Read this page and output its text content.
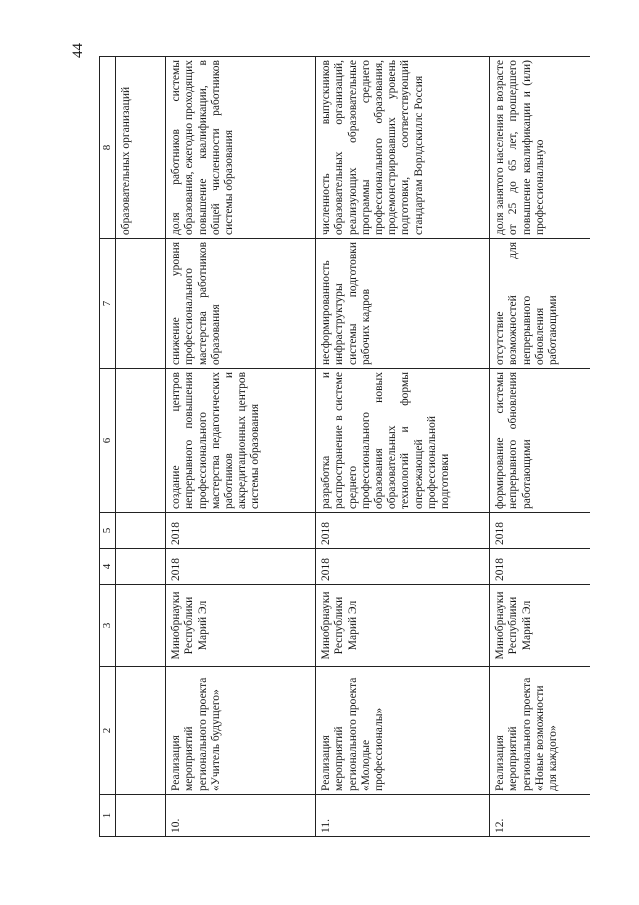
44
1	2	3	4	5	6	7	8
							образовательных организаций
10.	Реализация мероприятий регионального проекта «Учитель будущего»	Минобрнауки Республики Марий Эл	2018	2018	создание центров непрерывного повышения профессионального мастерства педагогических работников и аккредитационных центров системы образования	снижение уровня профессионального мастерства работников образования	доля работников системы образования, ежегодно проходящих повышение квалификации, в общей численности работников системы образования
11.	Реализация мероприятий регионального проекта «Молодые профессионалы»	Минобрнауки Республики Марий Эл	2018	2018	разработка и распространение в системе среднего профессионального образования новых образовательных технологий и формы опережающей профессиональной подготовки	несформированность инфраструктуры системы подготовки рабочих кадров	численность выпускников образовательных организаций, реализующих образовательные программы среднего профессионального образования, продемонстрировавших уровень подготовки, соответствующий стандартам Ворлдскиллс Россия
12.	Реализация мероприятий регионального проекта «Новые возможности для каждого»	Минобрнауки Республики Марий Эл	2018	2018	формирование системы непрерывного обновления работающими	отсутствие возможностей для непрерывного обновления работающими	доля занятого населения в возрасте от 25 до 65 лет, прошедшего повышение квалификации и (или) профессиональную
